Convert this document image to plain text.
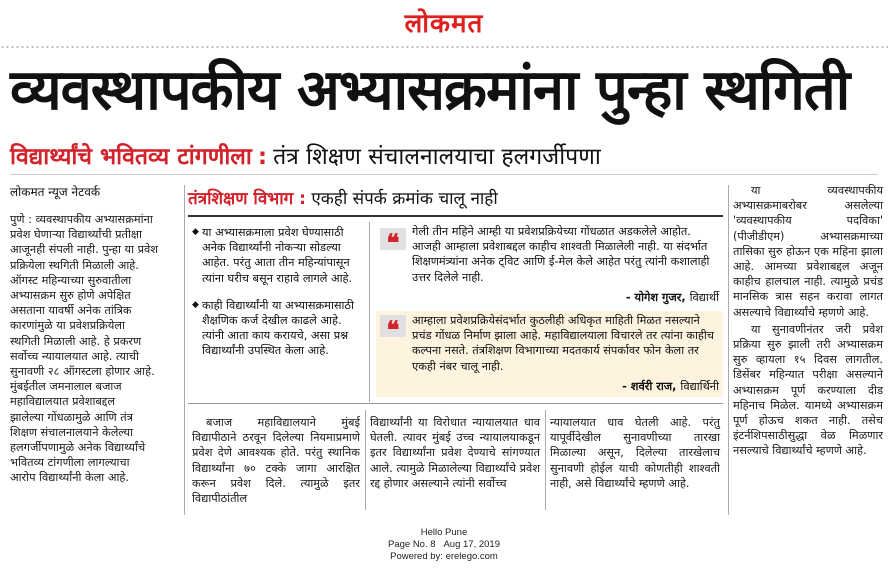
लोकमत
व्यवस्थापकीय अभ्यासक्रमांना पुन्हा स्थगिती
विद्यार्थ्यांचे भवितव्य टांगणीला : तंत्र शिक्षण संचालनालयाचा हलगर्जीपणा
लोकमत न्यूज नेटवर्क
पुणे : व्यवस्थापकीय अभ्यासक्रमांना
प्रवेश घेणाऱ्या विद्यार्थ्यांची प्रतीक्षा
आजूनही संपली नाही. पुन्हा या प्रवेश
प्रक्रियेला स्थगिती मिळाली आहे.
ऑगस्ट महिन्याच्या सुरुवातीला
अभ्यासक्रम सुरु होणे अपेक्षित
असताना यावर्षी अनेक तांत्रिक
कारणांमुळे या प्रवेशप्रक्रियेला
स्थगिती मिळाली आहे. हे प्रकरण
सर्वोच्च न्यायालयात आहे. त्याची
सुनावणी २८ ऑगस्टला होणार आहे.
मुंबईतील जमनालाल बजाज
महाविद्यालयात प्रवेशाबद्दल
झालेल्या गोंधळामुळे आणि तंत्र
शिक्षण संचालनालयाने केलेल्या
हलगर्जीपणामुळे अनेक विद्यार्थ्यांचे
भवितव्य टांगणीला लागल्याचा
आरोप विद्यार्थ्यांनी केला आहे.
तंत्रशिक्षण विभाग : एकही संपर्क क्रमांक चालू नाही
◆ या अभ्यासक्रमाला प्रवेश घेण्यासाठी अनेक विद्यार्थ्यांनी नोकऱ्या सोडल्या आहेत. परंतु आता तीन महिन्यांपासून त्यांना घरीच बसून राहावे लागले आहे.
◆ काही विद्यार्थ्यांनी या अभ्यासक्रमासाठी शैक्षणिक कर्ज देखील काढले आहे. त्यांनी आता काय करायचे, असा प्रश्न विद्यार्थ्यांनी उपस्थित केला आहे.
❝	गेली तीन महिने आम्ही या प्रवेशप्रक्रियेच्या गोंधळात अडकलेले आहोत. आजही आम्हाला प्रवेशाबद्दल काहीच शाश्वती मिळालेली नाही. या संदर्भात शिक्षणमंत्र्यांना अनेक ट्विट आणि ई-मेल केले आहेत परंतु त्यांनी कशालाही उत्तर दिलेले नाही.
- योगेश गुजर, विद्यार्थी
❝	आम्हाला प्रवेशप्रक्रियेसंदर्भात कुठलीही अधिकृत माहिती मिळत नसल्याने प्रचंड गोंधळ निर्माण झाला आहे. महाविद्यालयाला विचारले तर त्यांना काहीच कल्पना नसते. तंत्रशिक्षण विभागाच्या मदतकार्य संपर्कावर फोन केला तर एकही नंबर चालू नाही.
- शर्वरी राज, विद्यार्थिनी
बजाज महाविद्यालयाने मुंबई विद्यापीठाने ठरवून दिलेल्या नियमाप्रमाणे प्रवेश देणे आवश्यक होते. परंतु स्थानिक विद्यार्थ्यांना ७० टक्के जागा आरक्षित करून प्रवेश दिले. त्यामुळे इतर विद्यापीठांतील
विद्यार्थ्यांनी या विरोधात न्यायालयात धाव घेतली. त्यावर मुंबई उच्च न्यायालयाकडून इतर विद्यार्थ्यांना प्रवेश देण्याचे सांगण्यात आले. त्यामुळे मिळालेल्या विद्यार्थ्यांचे प्रवेश रद्द होणार असल्याने त्यांनी सर्वोच्च
न्यायालयात धाव घेतली आहे. परंतु यापूर्वीदेखील सुनावणीच्या तारखा मिळाल्या असून, दिलेल्या तारखेलाच सुनावणी होईल याची कोणतीही शाश्वती नाही, असे विद्यार्थ्यांचे म्हणणे आहे.

या व्यवस्थापकीय अभ्यासक्रमाबरोबर असलेल्या 'व्यवस्थापकीय पदविका' (पीजीडीएम) अभ्यासक्रमाच्या तासिका सुरु होऊन एक महिना झाला आहे. आमच्या प्रवेशाबद्दल अजून काहीच हालचाल नाही. त्यामुळे प्रचंड मानसिक त्रास सहन करावा लागत असल्याचे विद्यार्थ्यांचे म्हणणे आहे.

या सुनावणीनंतर जरी प्रवेश प्रक्रिया सुरु झाली तरी अभ्यासक्रम सुरु व्हायला १५ दिवस लागतील. डिसेंबर महिन्यात परीक्षा असल्याने अभ्यासक्रम पूर्ण करण्याला दीड महिनाच मिळेल. यामध्ये अभ्यासक्रम पूर्ण होऊच शकत नाही. तसेच इंटर्नशिपसाठीसुद्धा वेळ मिळणार नसल्याचे विद्यार्थ्यांचे म्हणणे आहे.

Hello Pune
Page No. 8 Aug 17, 2019
Powered by: erelego.com
